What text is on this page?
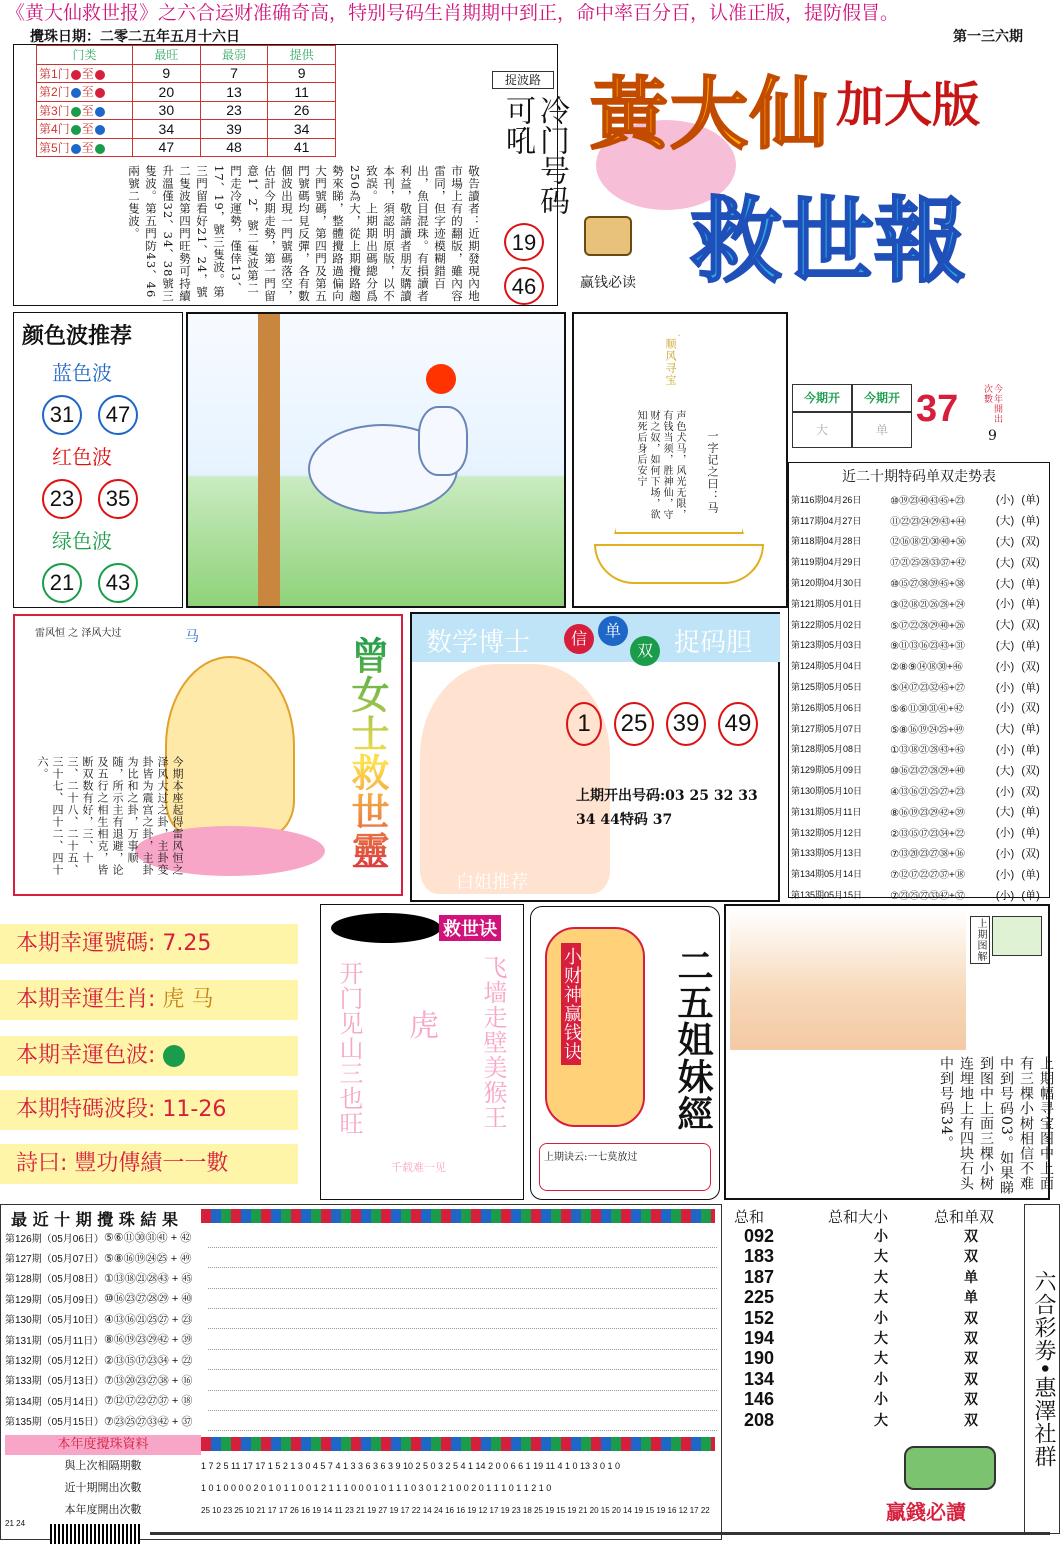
《黄大仙救世报》之六合运财准确奇高，特别号码生肖期期中到正，命中率百分百，认准正版，提防假冒。
攪珠日期：二零二五年五月十六日	第一三六期
门类	最旺	最弱	提供
第1门 至	9	7	9
第2门 至	20	13	11
第3门 至	30	23	26
第4门 至	34	39	34
第5门 至	47	48	41
敬告讀者：近期發現內地市場上有的翻版，雖內容雷同，但字迹模糊錯百出，魚目混珠。有損讀者利益，敬請讀者朋友購讀本刊，須認明原版，以不致誤。上期期出碼總分爲250為大，從上期攪路趨勢來睇，整體攪路過偏向大門號碼，第四門及第五門號碼均見反彈，各有數個波出現一門號碼落空，估計今期走勢，第一門留意1、2，號二隻波第二門走冷運勢，僅倖13、17、19，號三隻波。第三門留看好21、24，號二隻波第四門旺勢可持續升溫僅32、34、38號三隻波。第五門防43、46兩號二隻波。
捉波路
冷门号码可吼
19
46
黃大仙 加大版
救世報
赢钱必读
颜色波推荐
蓝色波
31	47
红色波
23	35
绿色波
21	43
顺风寻宝
声色犬马，风光无限，有钱当须，胜神仙，守财之奴，如何下场，欲知死后身后安宁	一字记之曰：马
今期开	今期开
大	单 37	今年開出次數
9
近二十期特码单双走势表
第116期04月26日	⑩⑲㉓㊵㊸㊺+㉓	(小)	(单)
第117期04月27日	⑪㉒㉓㉔㉙㊸+㊹	(大)	(单)
第118期04月28日	⑫⑯⑱㉑㉚㊵+㊱	(大)	(双)
第119期04月29日	⑰㉑㉕㉘㉝㊲+㊷	(大)	(双)
第120期04月30日	⑩⑮㉗㊳㊴㊺+㊳	(大)	(单)
第121期05月01日	③⑫⑱㉑㉖㉘+㉔	(小)	(单)
第122期05月02日	⑤⑰㉒㉘㉙㊵+㉖	(大)	(双)
第123期05月03日	⑨⑪⑬⑯㉓㊸+㉛	(大)	(单)
第124期05月04日	②⑧⑨⑭⑱㉚+㊻	(小)	(双)
第125期05月05日	⑤⑭⑰㉓㉜㊺+㉗	(小)	(单)
第126期05月06日	⑤⑥⑪㉚㉛㊶+㊷	(小)	(双)
第127期05月07日	⑤⑧⑯⑲㉔㉕+㊾	(大)	(单)
第128期05月08日	①⑬⑱㉑㉘㊸+㊺	(小)	(单)
第129期05月09日	⑩⑯㉓㉗㉘㉙+㊵	(大)	(双)
第130期05月10日	④⑬⑯㉑㉕㉗+㉓	(小)	(双)
第131期05月11日	⑧⑯⑲㉓㉙㊷+㊴	(大)	(单)
第132期05月12日	②⑬⑮⑰㉓㉞+㉒	(小)	(单)
第133期05月13日	⑦⑬⑳㉓㉗㊳+⑯	(小)	(双)
第134期05月14日	⑦⑫⑰㉒㉗㊲+⑱	(小)	(单)
第135期05月15日	⑦㉓㉕㉗㉝㊷+㊲	(小)	(单)
雷风恒 之 泽风大过	马
今期本座起得雷风恒之泽风大过之卦，主卦变卦皆为震宫之卦，主卦为比和之卦，万事顺随，所示主有退避，论及五行之相生相克，皆断双数有好，三、十三、二十八、二十五、三十七、四十二、四十六。	曾女士救世靈碼	数学博士	信	单
双 捉码胆
1	25 39 49
上期开出号码:03 25 32 33 34 44特码 37
白姐推荐
本期幸運號碼: 7.25
本期幸運生肖: 虎 马
本期幸運色波:
本期特碼波段: 11-26
詩曰: 豐功傳績一一數
救世诀
开门见山三也旺 虎 飞墙走壁美猴王
千载难一见
小财神赢钱诀	二五姐妹經
上期诀云:一七莫放过
上期图解
上期幅寻宝图中上面有三棵小树相信不难中到号码03。如果睇到图中上面三棵小树连埋地上有四块石头中到号码34。
最 近 十 期 攪 珠 結 果
第126期（05月06日）	⑤⑥⑪㉚㉛㊶ + ㊷	
第127期（05月07日）	⑤⑧⑯⑲㉔㉕ + ㊾	
第128期（05月08日）	①⑬⑱㉑㉘㊸ + ㊺	
第129期（05月09日）	⑩⑯㉓㉗㉘㉙ + ㊵	
第130期（05月10日）	④⑬⑯㉑㉕㉗ + ㉓	
第131期（05月11日）	⑧⑯⑲㉓㉙㊷ + ㊴	
第132期（05月12日）	②⑬⑮⑰㉓㉞ + ㉒	
第133期（05月13日）	⑦⑬⑳㉓㉗㊳ + ⑯	
第134期（05月14日）	⑦⑫⑰㉒㉗㊲ + ⑱	
第135期（05月15日）	⑦㉓㉕㉗㉝㊷ + ㊲	
本年度攪珠資料
與上次相隔期數	1 7 2 5 11 17 17 1 5 2 1 3 0 4 5 7 4 1 3 3 6 3 6 3 9 10 2 5 0 3 2 5 4 1 14 2 0 0 6 6 1 19 11 4 1 0 13 3 0 1 0
近十期開出次數	1 0 1 0 0 0 0 2 0 1 0 1 1 0 0 1 2 1 1 1 0 0 0 1 0 1 1 1 0 3 0 1 2 1 0 0 2 0 1 1 1 0 1 1 2 1 0
本年度開出次數	25 10 23 25 10 21 17 17 26 16 19 14 11 23 21 19 27 19 17 22 14 24 16 16 19 12 17 19 23 18 25 19 15 19 21 20 15 20 14 19 15 19 16 12 17 22 21 24
总和	总和大小	总和单双
092	小	双
183	大	双
187	大	单
225	大	单
152	小	双
194	大	双
190	大	双
134	小	双
146	小	双
208	大	双	六合彩劵•惠澤社群
贏錢必讀
